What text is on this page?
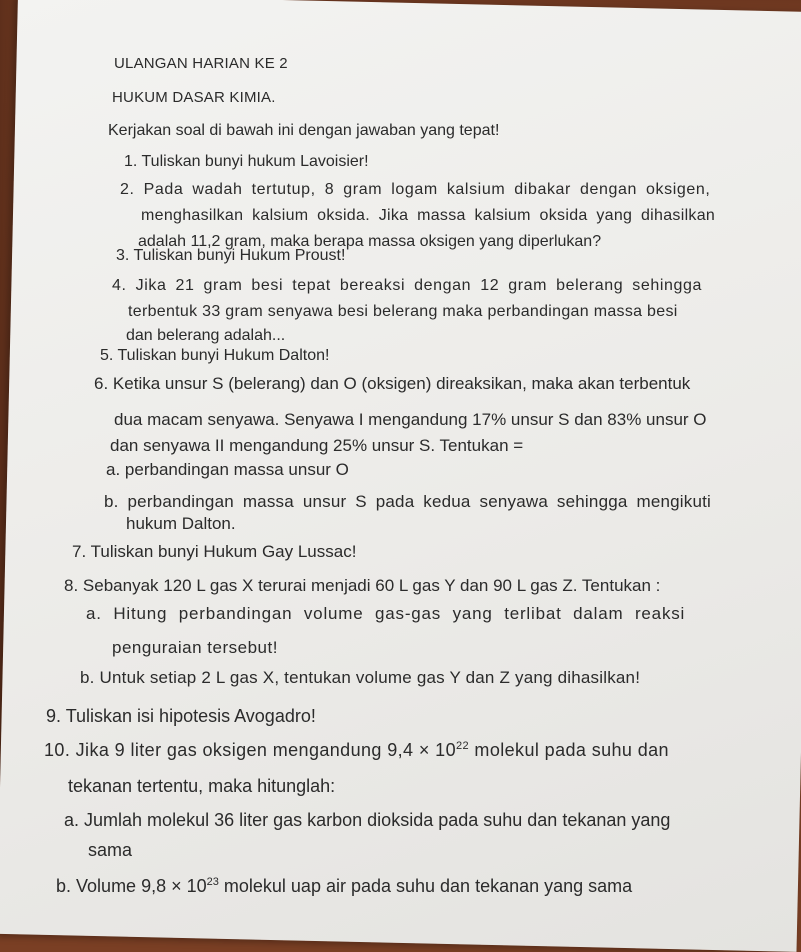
ULANGAN HARIAN KE 2
HUKUM DASAR KIMIA.
Kerjakan soal di bawah ini dengan jawaban yang tepat!
1. Tuliskan bunyi hukum Lavoisier!
2. Pada wadah tertutup, 8 gram logam kalsium dibakar dengan oksigen,
menghasilkan kalsium oksida. Jika massa kalsium oksida yang dihasilkan
adalah 11,2 gram, maka berapa massa oksigen yang diperlukan?
3. Tuliskan bunyi Hukum Proust!
4. Jika 21 gram besi tepat bereaksi dengan 12 gram belerang sehingga
terbentuk 33 gram senyawa besi belerang maka perbandingan massa besi
dan belerang adalah...
5. Tuliskan bunyi Hukum Dalton!
6. Ketika unsur S (belerang) dan O (oksigen) direaksikan, maka akan terbentuk
dua macam senyawa. Senyawa I mengandung 17% unsur S dan 83% unsur O
dan senyawa II mengandung 25% unsur S. Tentukan =
a. perbandingan massa unsur O
b. perbandingan massa unsur S pada kedua senyawa sehingga mengikuti
hukum Dalton.
7. Tuliskan bunyi Hukum Gay Lussac!
8. Sebanyak 120 L gas X terurai menjadi 60 L gas Y dan 90 L gas Z. Tentukan :
a. Hitung perbandingan volume gas-gas yang terlibat dalam reaksi
penguraian tersebut!
b. Untuk setiap 2 L gas X, tentukan volume gas Y dan Z yang dihasilkan!
9. Tuliskan isi hipotesis Avogadro!
10. Jika 9 liter gas oksigen mengandung $9,4 \times 10^{22}$ molekul pada suhu dan
tekanan tertentu, maka hitunglah:
a. Jumlah molekul 36 liter gas karbon dioksida pada suhu dan tekanan yang
sama
b. Volume $9,8 \times 10^{23}$ molekul uap air pada suhu dan tekanan yang sama
